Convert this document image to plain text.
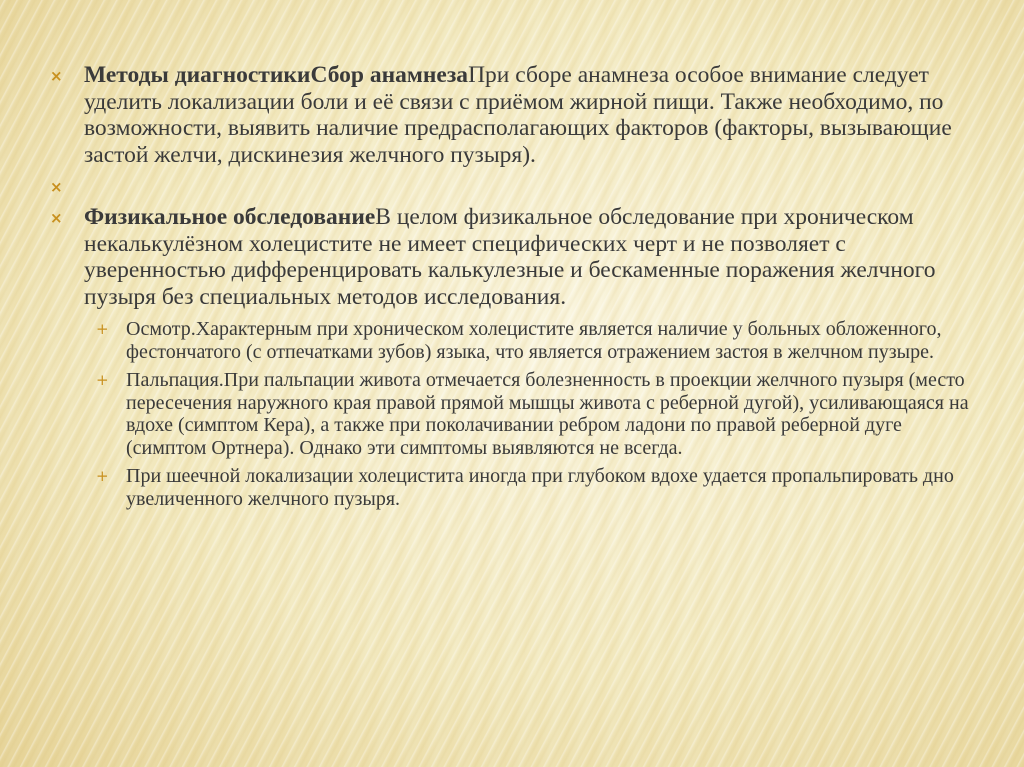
× Методы диагностикиСбор анамнезаПри сборе анамнеза особое внимание следует уделить локализации боли и её связи с приёмом жирной пищи. Также необходимо, по возможности, выявить наличие предрасполагающих факторов (факторы, вызывающие застой желчи, дискинезия желчного пузыря).
×
× Физикальное обследованиеВ целом физикальное обследование при хроническом некалькулёзном холецистите не имеет специфических черт и не позволяет с уверенностью дифференцировать калькулезные и бескаменные поражения желчного пузыря без специальных методов исследования.
+ Осмотр.Характерным при хроническом холецистите является наличие у больных обложенного, фестончатого (с отпечатками зубов) языка, что является отражением застоя в желчном пузыре.
+ Пальпация.При пальпации живота отмечается болезненность в проекции желчного пузыря (место пересечения наружного края правой прямой мышцы живота с реберной дугой), усиливающаяся на вдохе (симптом Кера), а также при поколачивании ребром ладони по правой реберной дуге (симптом Ортнера). Однако эти симптомы выявляются не всегда.
+ При шеечной локализации холецистита иногда при глубоком вдохе удается пропальпировать дно увеличенного желчного пузыря.
